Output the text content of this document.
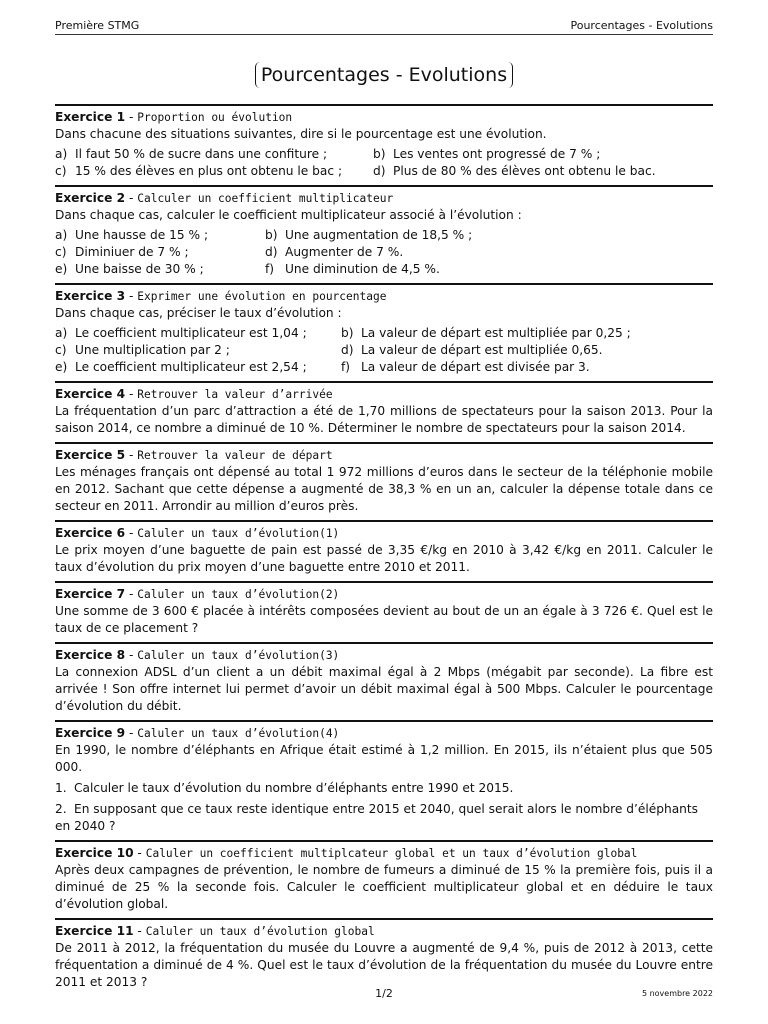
Première STMG	Pourcentages - Evolutions
Pourcentages - Evolutions
Exercice 1 - Proportion ou évolution
Dans chacune des situations suivantes, dire si le pourcentage est une évolution.
a) Il faut 50 % de sucre dans une confiture ;	b) Les ventes ont progressé de 7 % ;
c) 15 % des élèves en plus ont obtenu le bac ;	d) Plus de 80 % des élèves ont obtenu le bac.
Exercice 2 - Calculer un coefficient multiplicateur
Dans chaque cas, calculer le coefficient multiplicateur associé à l’évolution :
a) Une hausse de 15 % ;	b) Une augmentation de 18,5 % ;
c) Diminiuer de 7 % ;	d) Augmenter de 7 %.
e) Une baisse de 30 % ;	f) Une diminution de 4,5 %.
Exercice 3 - Exprimer une évolution en pourcentage
Dans chaque cas, préciser le taux d’évolution :
a) Le coefficient multiplicateur est 1,04 ;	b) La valeur de départ est multipliée par 0,25 ;
c) Une multiplication par 2 ;	d) La valeur de départ est multipliée 0,65.
e) Le coefficient multiplicateur est 2,54 ;	f) La valeur de départ est divisée par 3.
Exercice 4 - Retrouver la valeur d’arrivée
La fréquentation d’un parc d’attraction a été de 1,70 millions de spectateurs pour la saison 2013. Pour la saison 2014, ce nombre a diminué de 10 %. Déterminer le nombre de spectateurs pour la saison 2014.
Exercice 5 - Retrouver la valeur de départ
Les ménages français ont dépensé au total 1 972 millions d’euros dans le secteur de la téléphonie mobile en 2012. Sachant que cette dépense a augmenté de 38,3 % en un an, calculer la dépense totale dans ce secteur en 2011. Arrondir au million d’euros près.
Exercice 6 - Caluler un taux d’évolution(1)
Le prix moyen d’une baguette de pain est passé de 3,35 €/kg en 2010 à 3,42 €/kg en 2011. Calculer le taux d’évolution du prix moyen d’une baguette entre 2010 et 2011.
Exercice 7 - Caluler un taux d’évolution(2)
Une somme de 3 600 € placée à intérêts composées devient au bout de un an égale à 3 726 €. Quel est le taux de ce placement ?
Exercice 8 - Caluler un taux d’évolution(3)
La connexion ADSL d’un client a un débit maximal égal à 2 Mbps (mégabit par seconde). La fibre est arrivée ! Son offre internet lui permet d’avoir un débit maximal égal à 500 Mbps. Calculer le pourcentage d’évolution du débit.
Exercice 9 - Caluler un taux d’évolution(4)
En 1990, le nombre d’éléphants en Afrique était estimé à 1,2 million. En 2015, ils n’étaient plus que 505 000.
1. Calculer le taux d’évolution du nombre d’éléphants entre 1990 et 2015.
2. En supposant que ce taux reste identique entre 2015 et 2040, quel serait alors le nombre d’éléphants en 2040 ?
Exercice 10 - Caluler un coefficient multiplcateur global et un taux d’évolution global
Après deux campagnes de prévention, le nombre de fumeurs a diminué de 15 % la première fois, puis il a diminué de 25 % la seconde fois. Calculer le coefficient multiplicateur global et en déduire le taux d’évolution global.
Exercice 11 - Caluler un taux d’évolution global
De 2011 à 2012, la fréquentation du musée du Louvre a augmenté de 9,4 %, puis de 2012 à 2013, cette fréquentation a diminué de 4 %. Quel est le taux d’évolution de la fréquentation du musée du Louvre entre 2011 et 2013 ?
1/2	5 novembre 2022
